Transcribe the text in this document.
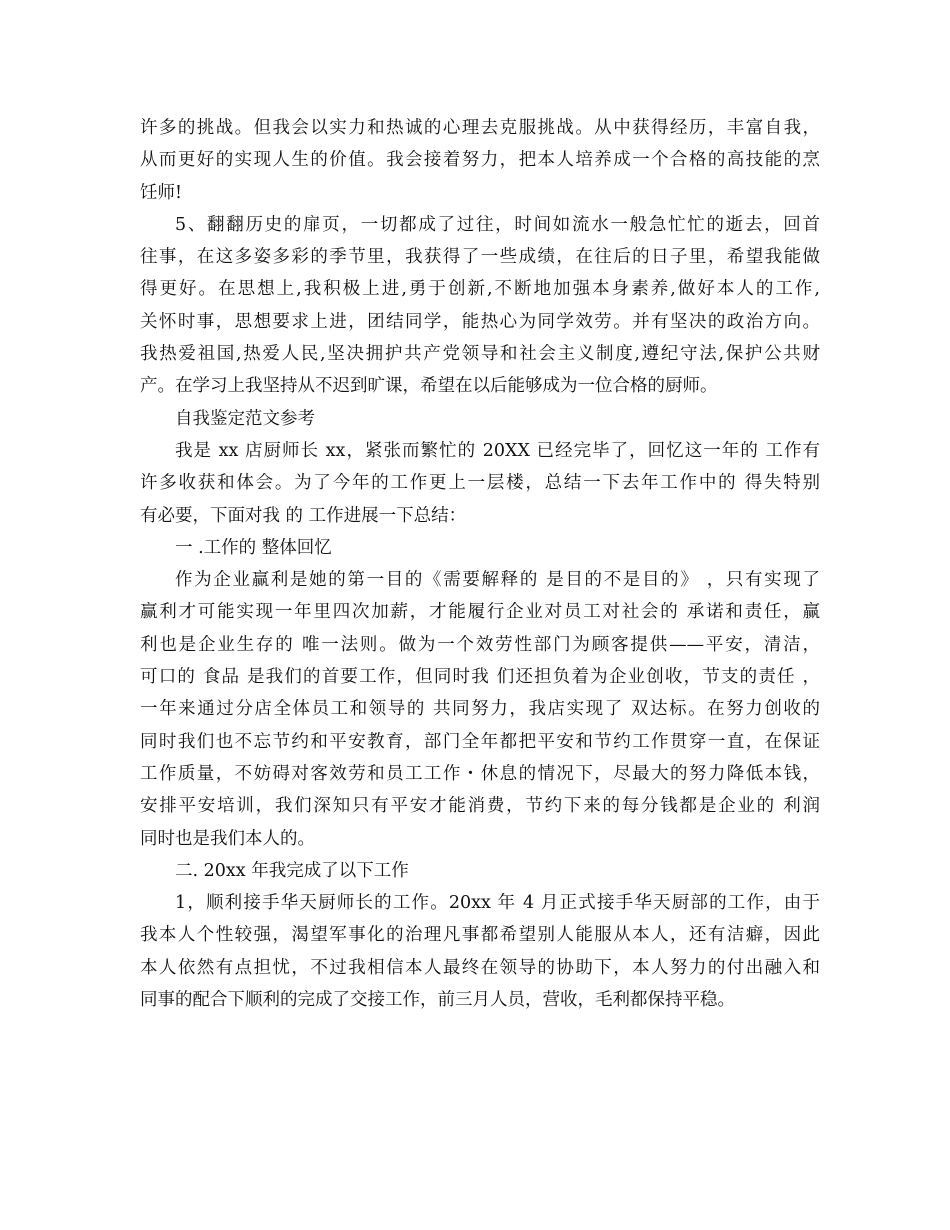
许多的挑战。但我会以实力和热诚的心理去克服挑战。从中获得经历，丰富自我，
从而更好的实现人生的价值。我会接着努力，把本人培养成一个合格的高技能的烹
饪师!
5、翻翻历史的扉页，一切都成了过往，时间如流水一般急忙忙的逝去，回首
往事，在这多姿多彩的季节里，我获得了一些成绩，在往后的日子里，希望我能做
得更好。在思想上,我积极上进,勇于创新,不断地加强本身素养,做好本人的工作,
关怀时事，思想要求上进，团结同学，能热心为同学效劳。并有坚决的政治方向。
我热爱祖国,热爱人民,坚决拥护共产党领导和社会主义制度,遵纪守法,保护公共财
产。在学习上我坚持从不迟到旷课，希望在以后能够成为一位合格的厨师。
自我鉴定范文参考
我是 xx 店厨师长 xx，紧张而繁忙的 20XX 已经完毕了，回忆这一年的 工作有
许多收获和体会。为了今年的工作更上一层楼，总结一下去年工作中的 得失特别
有必要，下面对我 的 工作进展一下总结：
一 .工作的 整体回忆
作为企业赢利是她的第一目的《需要解释的 是目的不是目的》 ，只有实现了
赢利才可能实现一年里四次加薪，才能履行企业对员工对社会的 承诺和责任，赢
利也是企业生存的 唯一法则。做为一个效劳性部门为顾客提供——平安，清洁，
可口的 食品 是我们的首要工作，但同时我 们还担负着为企业创收，节支的责任 ，
一年来通过分店全体员工和领导的 共同努力，我店实现了 双达标。在努力创收的
同时我们也不忘节约和平安教育，部门全年都把平安和节约工作贯穿一直，在保证
工作质量，不妨碍对客效劳和员工工作・休息的情况下，尽最大的努力降低本钱，
安排平安培训，我们深知只有平安才能消费，节约下来的每分钱都是企业的 利润
同时也是我们本人的。
二. 20xx 年我完成了以下工作
1，顺利接手华天厨师长的工作。20xx 年 4 月正式接手华天厨部的工作，由于
我本人个性较强，渴望军事化的治理凡事都希望别人能服从本人，还有洁癖，因此
本人依然有点担忧，不过我相信本人最终在领导的协助下，本人努力的付出融入和
同事的配合下顺利的完成了交接工作，前三月人员，营收，毛利都保持平稳。
